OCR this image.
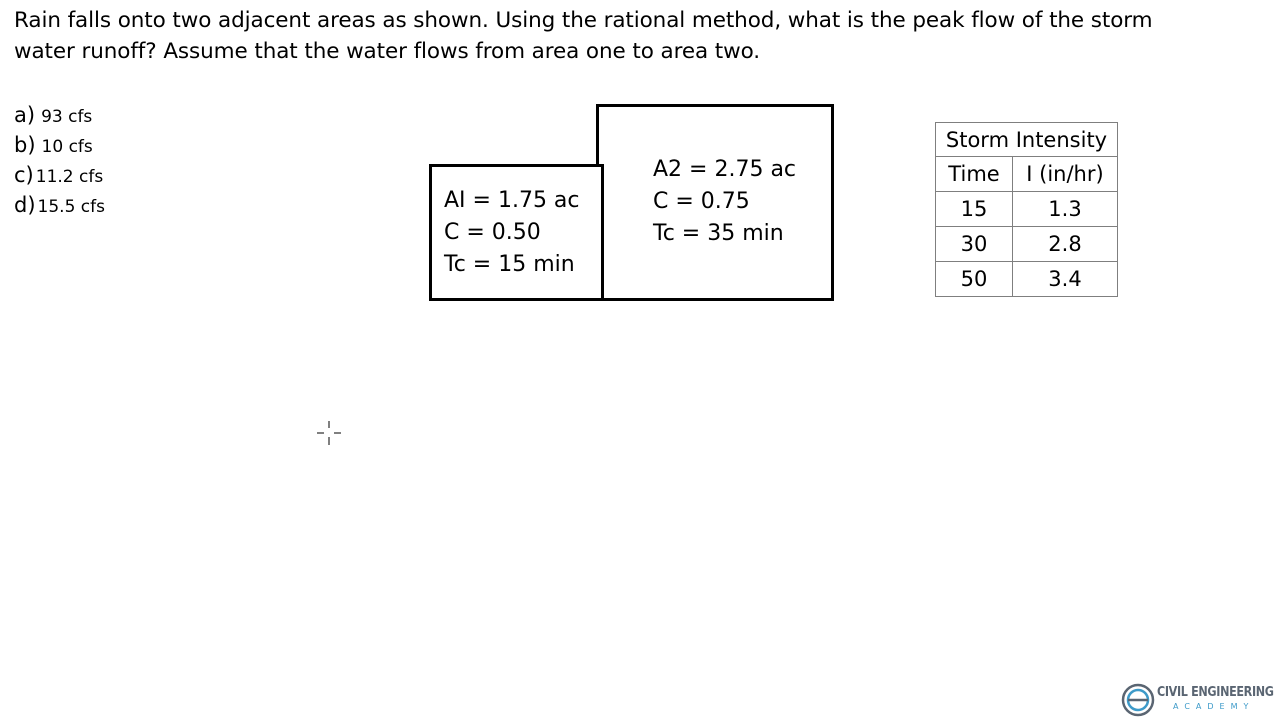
Rain falls onto two adjacent areas as shown. Using the rational method, what is the peak flow of the storm
water runoff? Assume that the water flows from area one to area two.
a) 93 cfs
b) 10 cfs
c) 11.2 cfs
d) 15.5 cfs
A2 = 2.75 ac
C = 0.75
Tc = 35 min
AI = 1.75 ac
C = 0.50
Tc = 15 min
Storm Intensity	
Time	I (in/hr)
15	1.3
30	2.8
50	3.4
CIVIL ENGINEERING
ACADEMY
